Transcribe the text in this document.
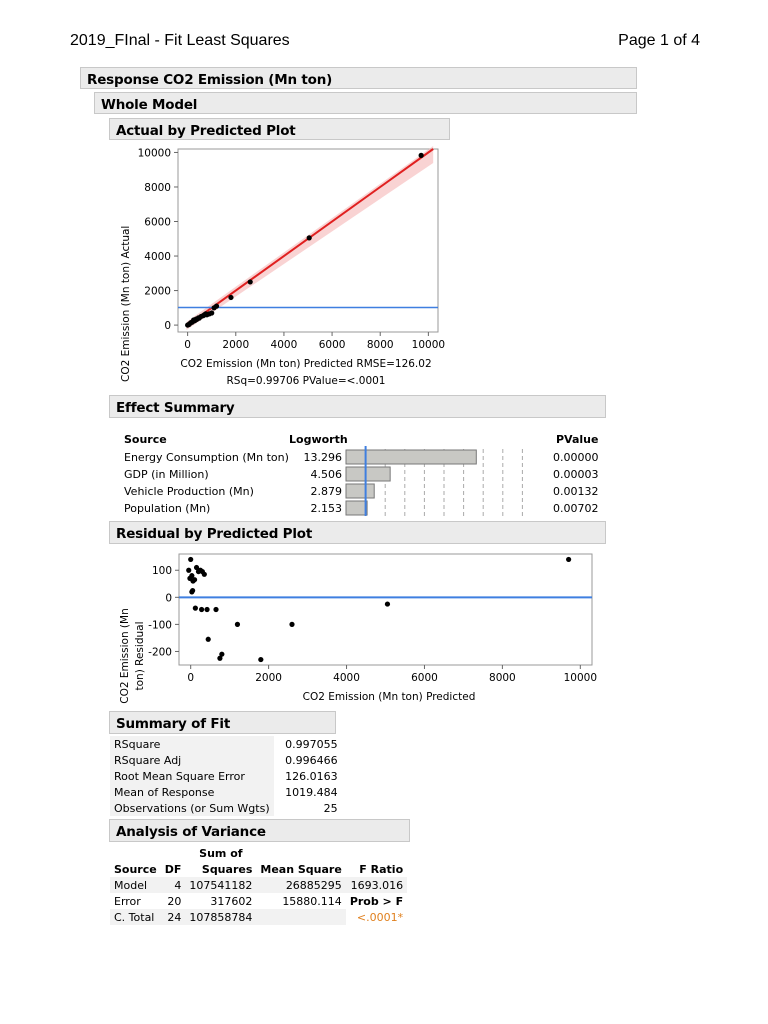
2019_FInal - Fit Least Squares	Page 1 of 4
Response CO2 Emission (Mn ton)
Whole Model
Actual by Predicted Plot
0	2000 4000 6000 8000 10000
0
2000
4000
6000
8000
10000
CO2 Emission (Mn ton) Actual	CO2 Emission (Mn ton) Predicted RMSE=126.02
RSq=0.99706 PValue=<.0001
Effect Summary
Source	Logworth	PValue
Energy Consumption (Mn ton) 13.296	0.00000
GDP (in Million)	4.506	0.00003
Vehicle Production (Mn)	2.879	0.00132
Population (Mn)	2.153	0.00702
Residual by Predicted Plot
0	2000	4000	6000	8000	10000
100
0
-100
-200
CO2 Emission (Mn ton) Residual
CO2 Emission (Mn ton) Predicted
Summary of Fit
RSquare	0.997055
RSquare Adj	0.996466
Root Mean Square Error	126.0163
Mean of Response	1019.484
Observations (or Sum Wgts)	25
Analysis of Variance
		Sum of		
Source	DF	Squares	Mean Square	F Ratio
Model	4	107541182	26885295	1693.016
Error	20	317602	15880.114	Prob > F
C. Total	24	107858784		<.0001*
